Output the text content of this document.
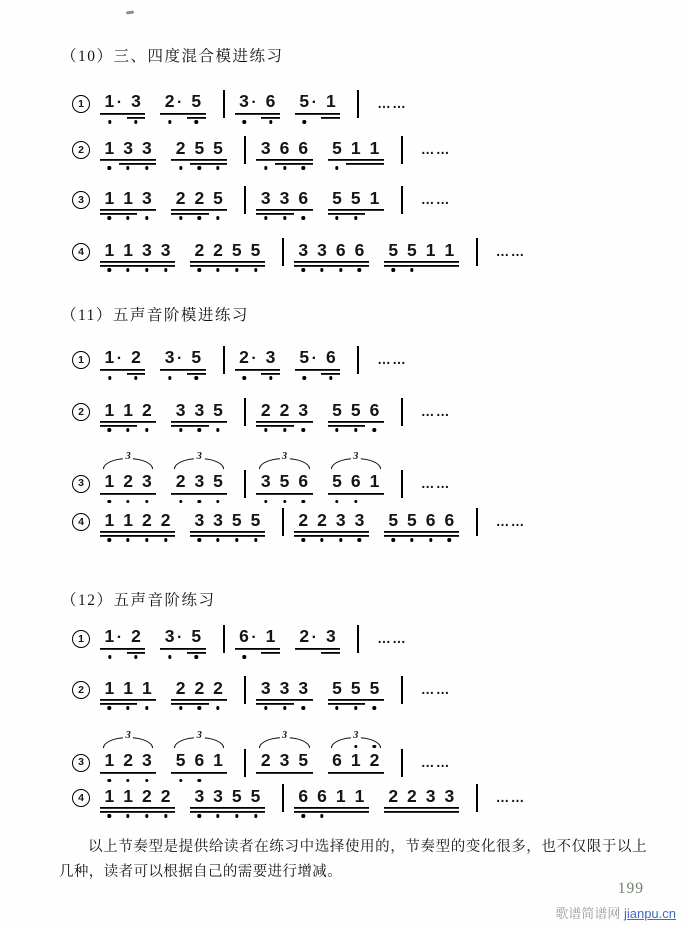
（10）三、四度混合模进练习
（11）五声音阶模进练习
（12）五声音阶练习

以上节奏型是提供给读者在练习中选择使用的，节奏型的变化很多，也不仅限于以上几种，读者可以根据自己的需要进行增减。

199
歌谱简谱网 jianpu.cn
1	1 · 3 2 · 5 3 · 6 5 · 1	……
2	1 3 3 2 5 5 3 6 6 5 1 1	……
3	1 1 3 2 2 5 3 3 6 5 5 1	……
4	1 1 3 3 2 2 5 5 3 3 6 6 5 5 1 1	……
1	1 · 2 3 · 5 2 · 3 5 · 6	……
2	1 1 2 3 3 5 2 2 3 5 5 6	……
3
3
1 2 3
3
2 3 5
3
3 5 6
3
5 6 1	……
4	1 1 2 2 3 3 5 5 2 2 3 3 5 5 6 6	……
1	1 · 2 3 · 5 6 · 1 2 · 3	……
2	1 1 1 2 2 2 3 3 3 5 5 5	……
3
3
1 2 3
3
5 6 1
3
2 3 5
3
6 1 2	……
4	1 1 2 2 3 3 5 5 6 6 1 1 2 2 3 3	……
